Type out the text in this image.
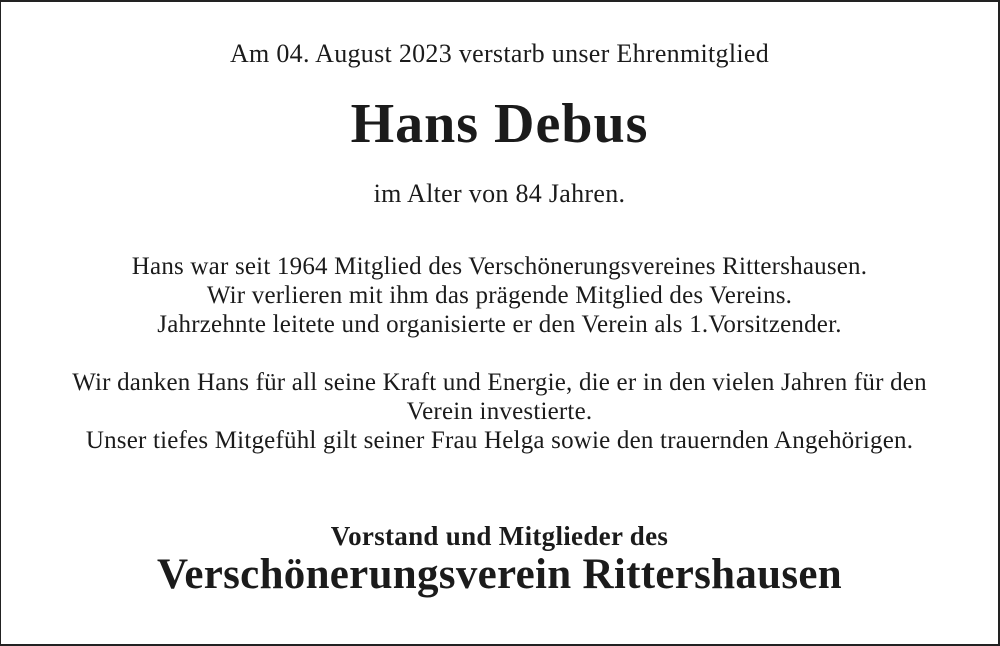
Am 04. August 2023 verstarb unser Ehrenmitglied
Hans Debus
im Alter von 84 Jahren.
Hans war seit 1964 Mitglied des Verschönerungsvereines Rittershausen.
Wir verlieren mit ihm das prägende Mitglied des Vereins.
Jahrzehnte leitete und organisierte er den Verein als 1.Vorsitzender.
Wir danken Hans für all seine Kraft und Energie, die er in den vielen Jahren für den
Verein investierte.
Unser tiefes Mitgefühl gilt seiner Frau Helga sowie den trauernden Angehörigen.
Vorstand und Mitglieder des
Verschönerungsverein Rittershausen
